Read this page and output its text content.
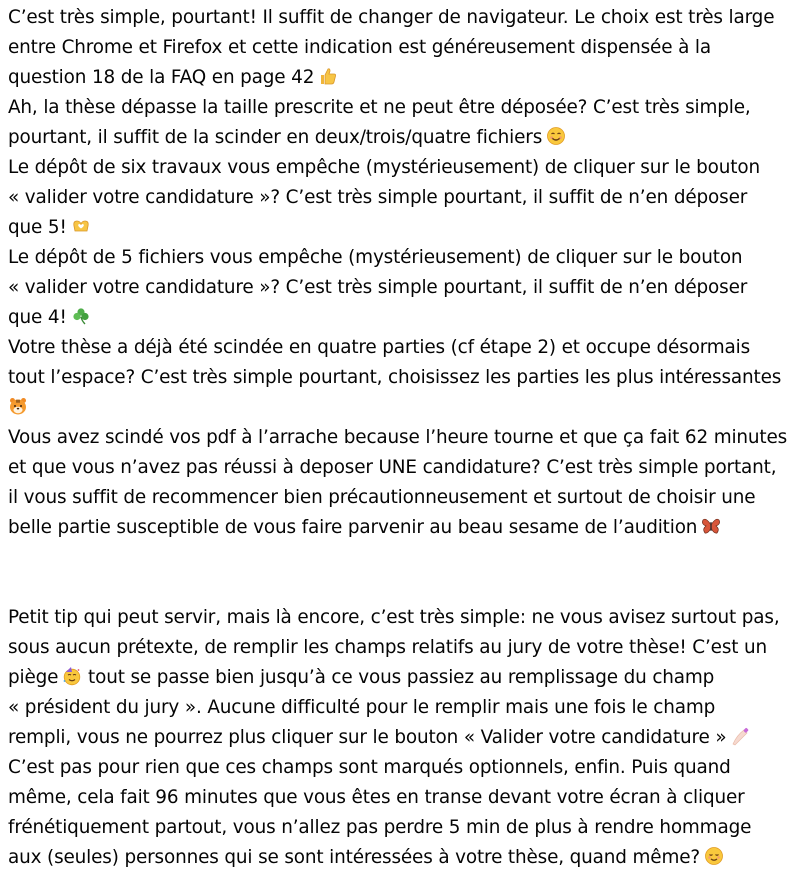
C’est très simple, pourtant! Il suffit de changer de navigateur. Le choix est très large
entre Chrome et Firefox et cette indication est généreusement dispensée à la
question 18 de la FAQ en page 42
Ah, la thèse dépasse la taille prescrite et ne peut être déposée? C’est très simple,
pourtant, il suffit de la scinder en deux/trois/quatre fichiers
Le dépôt de six travaux vous empêche (mystérieusement) de cliquer sur le bouton
« valider votre candidature »? C’est très simple pourtant, il suffit de n’en déposer
que 5!
Le dépôt de 5 fichiers vous empêche (mystérieusement) de cliquer sur le bouton
« valider votre candidature »? C’est très simple pourtant, il suffit de n’en déposer
que 4!
Votre thèse a déjà été scindée en quatre parties (cf étape 2) et occupe désormais
tout l’espace? C’est très simple pourtant, choisissez les parties les plus intéressantes
Vous avez scindé vos pdf à l’arrache because l’heure tourne et que ça fait 62 minutes
et que vous n’avez pas réussi à deposer UNE candidature? C’est très simple portant,
il vous suffit de recommencer bien précautionneusement et surtout de choisir une
belle partie susceptible de vous faire parvenir au beau sesame de l’audition
Petit tip qui peut servir, mais là encore, c’est très simple: ne vous avisez surtout pas,
sous aucun prétexte, de remplir les champs relatifs au jury de votre thèse! C’est un
piège
tout se passe bien jusqu’à ce vous passiez au remplissage du champ
« président du jury ». Aucune difficulté pour le remplir mais une fois le champ
rempli, vous ne pourrez plus cliquer sur le bouton « Valider votre candidature »
C’est pas pour rien que ces champs sont marqués optionnels, enfin. Puis quand
même, cela fait 96 minutes que vous êtes en transe devant votre écran à cliquer
frénétiquement partout, vous n’allez pas perdre 5 min de plus à rendre hommage
aux (seules) personnes qui se sont intéressées à votre thèse, quand même?
